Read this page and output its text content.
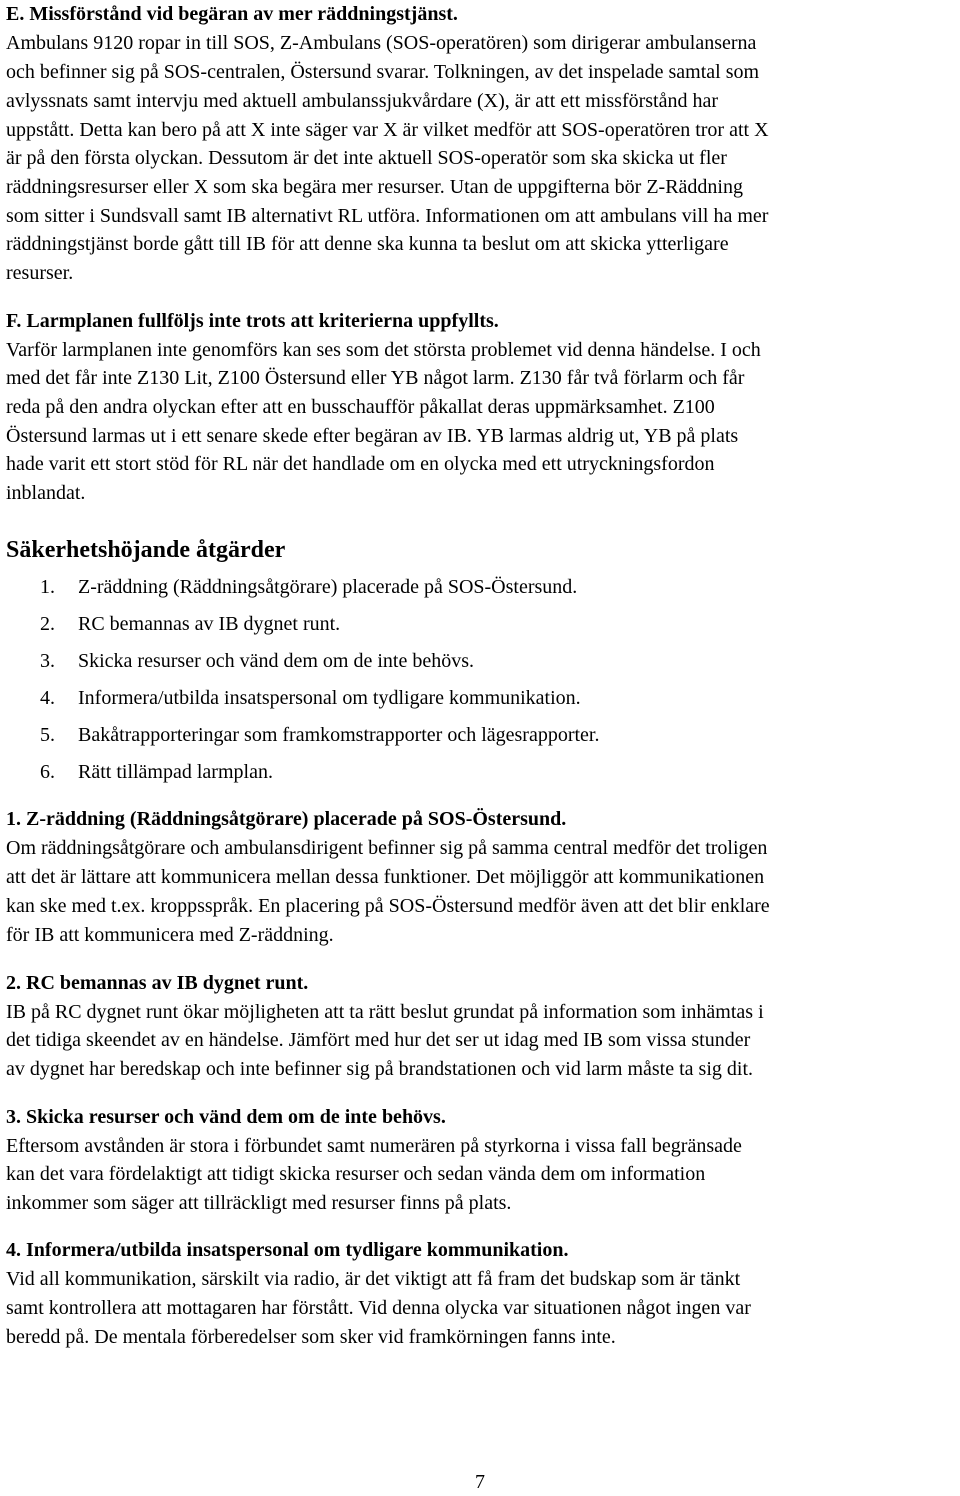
E. Missförstånd vid begäran av mer räddningstjänst.
Ambulans 9120 ropar in till SOS, Z-Ambulans (SOS-operatören) som dirigerar ambulanserna
och befinner sig på SOS-centralen, Östersund svarar. Tolkningen, av det inspelade samtal som
avlyssnats samt intervju med aktuell ambulanssjukvårdare (X), är att ett missförstånd har
uppstått. Detta kan bero på att X inte säger var X är vilket medför att SOS-operatören tror att X
är på den första olyckan. Dessutom är det inte aktuell SOS-operatör som ska skicka ut fler
räddningsresurser eller X som ska begära mer resurser. Utan de uppgifterna bör Z-Räddning
som sitter i Sundsvall samt IB alternativt RL utföra. Informationen om att ambulans vill ha mer
räddningstjänst borde gått till IB för att denne ska kunna ta beslut om att skicka ytterligare
resurser.
F. Larmplanen fullföljs inte trots att kriterierna uppfyllts.
Varför larmplanen inte genomförs kan ses som det största problemet vid denna händelse. I och
med det får inte Z130 Lit, Z100 Östersund eller YB något larm. Z130 får två förlarm och får
reda på den andra olyckan efter att en busschaufför påkallat deras uppmärksamhet. Z100
Östersund larmas ut i ett senare skede efter begäran av IB. YB larmas aldrig ut, YB på plats
hade varit ett stort stöd för RL när det handlade om en olycka med ett utryckningsfordon
inblandat.
Säkerhetshöjande åtgärder
1. Z-räddning (Räddningsåtgörare) placerade på SOS-Östersund.
2. RC bemannas av IB dygnet runt.
3. Skicka resurser och vänd dem om de inte behövs.
4. Informera/utbilda insatspersonal om tydligare kommunikation.
5. Bakåtrapporteringar som framkomstrapporter och lägesrapporter.
6. Rätt tillämpad larmplan.
1. Z-räddning (Räddningsåtgörare) placerade på SOS-Östersund.
Om räddningsåtgörare och ambulansdirigent befinner sig på samma central medför det troligen
att det är lättare att kommunicera mellan dessa funktioner. Det möjliggör att kommunikationen
kan ske med t.ex. kroppsspråk. En placering på SOS-Östersund medför även att det blir enklare
för IB att kommunicera med Z-räddning.
2. RC bemannas av IB dygnet runt.
IB på RC dygnet runt ökar möjligheten att ta rätt beslut grundat på information som inhämtas i
det tidiga skeendet av en händelse. Jämfört med hur det ser ut idag med IB som vissa stunder
av dygnet har beredskap och inte befinner sig på brandstationen och vid larm måste ta sig dit.
3. Skicka resurser och vänd dem om de inte behövs.
Eftersom avstånden är stora i förbundet samt numerären på styrkorna i vissa fall begränsade
kan det vara fördelaktigt att tidigt skicka resurser och sedan vända dem om information
inkommer som säger att tillräckligt med resurser finns på plats.
4. Informera/utbilda insatspersonal om tydligare kommunikation.
Vid all kommunikation, särskilt via radio, är det viktigt att få fram det budskap som är tänkt
samt kontrollera att mottagaren har förstått. Vid denna olycka var situationen något ingen var
beredd på. De mentala förberedelser som sker vid framkörningen fanns inte.
7
